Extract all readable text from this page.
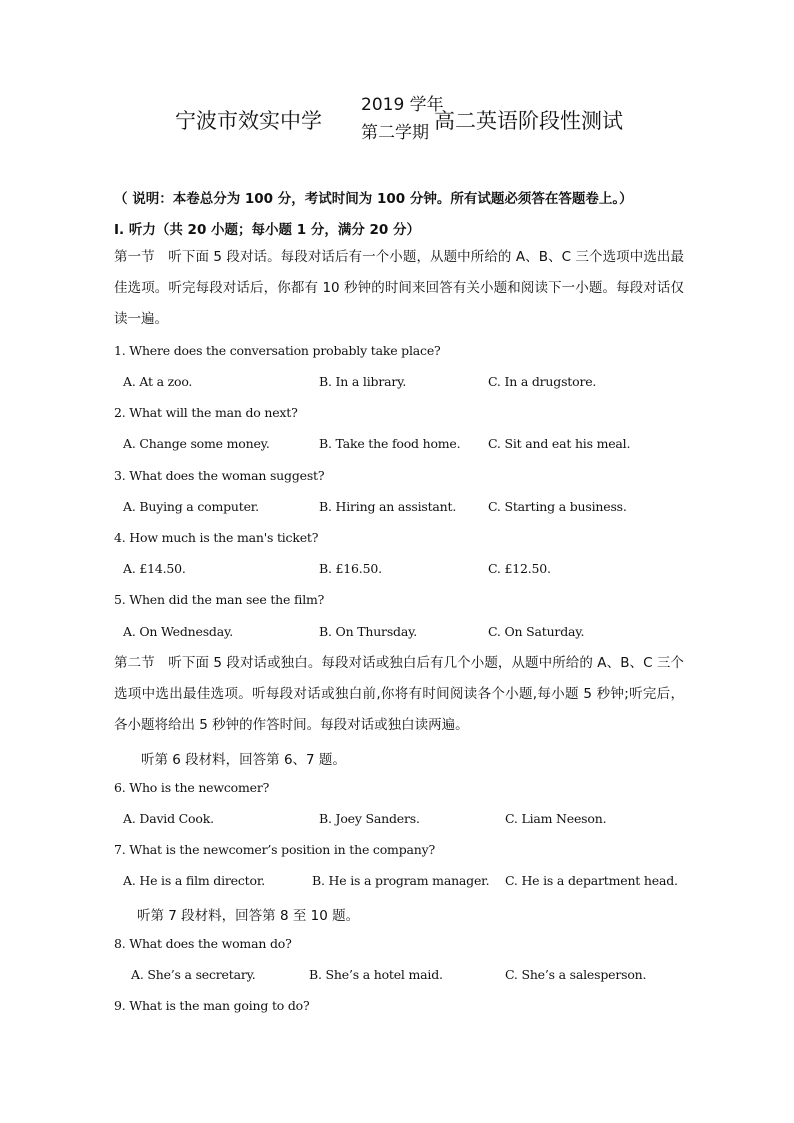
宁波市效实中学
2019 学年
第二学期 高二英语阶段性测试
（ 说明：本卷总分为 100 分，考试时间为 100 分钟。所有试题必须答在答题卷上。）
I. 听力（共 20 小题；每小题 1 分，满分 20 分）
第一节　听下面 5 段对话。每段对话后有一个小题，从题中所给的 A、B、C 三个选项中选出最佳选项。听完每段对话后，你都有 10 秒钟的时间来回答有关小题和阅读下一小题。每段对话仅读一遍。
1. Where does the conversation probably take place?
A. At a zoo.	B. In a library.	C. In a drugstore.
2. What will the man do next?
A. Change some money.	B. Take the food home. C. Sit and eat his meal.
3. What does the woman suggest?
A. Buying a computer.	B. Hiring an assistant.	C. Starting a business.
4. How much is the man's ticket?
A. £14.50.	B. £16.50.	C. £12.50.
5. When did the man see the film?
A. On Wednesday.	B. On Thursday.	C. On Saturday.
第二节　听下面 5 段对话或独白。每段对话或独白后有几个小题，从题中所给的 A、B、C 三个选项中选出最佳选项。听每段对话或独白前,你将有时间阅读各个小题,每小题 5 秒钟;听完后，各小题将给出 5 秒钟的作答时间。每段对话或独白读两遍。
听第 6 段材料，回答第 6、7 题。
6. Who is the newcomer?
A. David Cook.	B. Joey Sanders.	C. Liam Neeson.
7. What is the newcomer’s position in the company?
A. He is a film director.	B. He is a program manager. C. He is a department head.
听第 7 段材料，回答第 8 至 10 题。
8. What does the woman do?
A. She’s a secretary.	B. She’s a hotel maid.	C. She’s a salesperson.
9. What is the man going to do?
